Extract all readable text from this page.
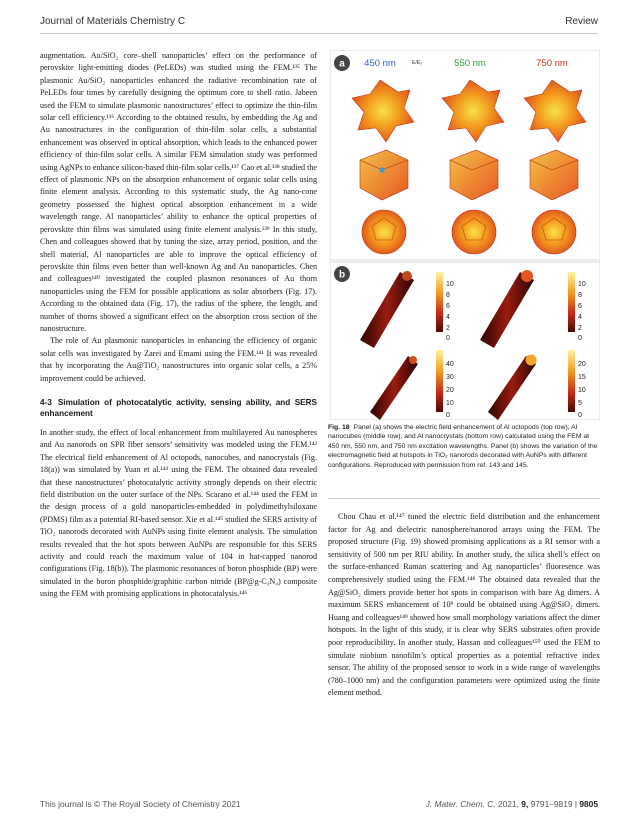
Journal of Materials Chemistry C	Review

augmentation. Au/SiO₂ core–shell nanoparticles’ effect on the performance of perovskite light-emitting diodes (PeLEDs) was studied using the FEM.¹³⁵ The plasmonic Au/SiO₂ nanoparticles enhanced the radiative recombination rate of PeLEDs four times by carefully designing the optimum core to shell ratio. Jabeen used the FEM to simulate plasmonic nanostructures’ effect to optimize the thin-film solar cell efficiency.¹³⁶ According to the obtained results, by embedding the Ag and Au nanostructures in the configuration of thin-film solar cells, a substantial enhancement was observed in optical absorption, which leads to the enhanced power efficiency of thin-film solar cells. A similar FEM simulation study was performed using AgNPs to enhance silicon-based thin-film solar cells.¹³⁷ Cao et al.¹³⁸ studied the effect of plasmonic NPs on the absorption enhancement of organic solar cells using finite element analysis. According to this systematic study, the Ag nano-cone geometry possessed the highest optical absorption enhancement in a wide wavelength range. Al nanoparticles’ ability to enhance the optical properties of perovskite thin films was simulated using finite element analysis.¹³⁹ In this study, Chen and colleagues showed that by tuning the size, array period, position, and the shell material, Al nanoparticles are able to improve the optical efficiency of perovskite thin films even better than well-known Ag and Au nanoparticles. Chen and colleagues¹⁴⁰ investigated the coupled plasmon resonances of Au thorn nanoparticles using the FEM for possible applications as solar absorbers (Fig. 17). According to the obtained data (Fig. 17), the radius of the sphere, the length, and number of thorns showed a significant effect on the absorption cross section of the nanostructure.

The role of Au plasmonic nanoparticles in enhancing the efficiency of organic solar cells was investigated by Zarei and Emami using the FEM.¹⁴¹ It was revealed that by incorporating the Au@TiO₂ nanostructures into organic solar cells, a 25% improvement could be achieved.

4-3 Simulation of photocatalytic activity, sensing ability, and SERS enhancement

In another study, the effect of local enhancement from multilayered Au nanospheres and Au nanorods on SPR fiber sensors’ sensitivity was modeled using the FEM.¹⁴² The electrical field enhancement of Al octopods, nanocubes, and nanocrystals (Fig. 18(a)) was simulated by Yuan et al.¹⁴³ using the FEM. The obtained data revealed that these nanostructures’ photocatalytic activity strongly depends on their electric field distribution on the outer surface of the NPs. Scarano et al.¹⁴⁴ used the FEM in the design process of a gold nanoparticles-embedded in polydimethylsiloxane (PDMS) film as a potential RI-based sensor. Xie et al.¹⁴⁵ studied the SERS activity of TiO₂ nanorods decorated with AuNPs using finite element analysis. The simulation results revealed that the hot spots between AuNPs are responsible for this SERS activity and could reach the maximum value of 104 in hat-capped nanorod configurations (Fig. 18(b)). The plasmonic resonances of boron phosphide (BP) were simulated in the boron phosphide/graphitic carbon nitride (BP@g-C₃N₄) composite using the FEM with promising applications in photocatalysis.¹⁴⁶

a 450 nm	E/E₀	550 nm	750 nm
b
10
8
6
4
2
0
10
8
6
4
2
0
40
30
20
10
0
20
15
10
5
0
Fig. 18 Panel (a) shows the electric field enhancement of Al octopods (top row), Al nanocubes (middle row), and Al nanocrystals (bottom row) calculated using the FEM at 450 nm, 550 nm, and 750 nm excitation wavelengths. Panel (b) shows the variation of the electromagnetic field at hotspots in TiO₂ nanorods decorated with AuNPs with different configurations. Reproduced with permission from ref. 143 and 145.

Chou Chau et al.¹⁴⁷ tuned the electric field distribution and the enhancement factor for Ag and dielectric nanosphere/nanorod arrays using the FEM. The proposed structure (Fig. 19) showed promising applications as a RI sensor with a sensitivity of 500 nm per RIU ability. In another study, the silica shell’s effect on the surface-enhanced Raman scattering and Ag nanoparticles’ fluoresence was comprehensively studied using the FEM.¹⁴⁸ The obtained data revealed that the Ag@SiO₂ dimers provide better hot spots in comparison with bare Ag dimers. A maximum SERS enhancement of 10⁹ could be obtained using Ag@SiO₂ dimers. Huang and colleagues¹⁴⁹ showed how small morphology variations affect the dimer hotspots. In the light of this study, it is clear why SERS substrates often provide poor reproducibility. In another study, Hassan and colleagues¹⁵⁰ used the FEM to simulate niobium nanofilm’s optical properties as a potential refractive index sensor. The ability of the proposed sensor to work in a wide range of wavelengths (780–1000 nm) and the configuration parameters were optimized using the finite element method.

This journal is © The Royal Society of Chemistry 2021	J. Mater. Chem. C, 2021, 9, 9791–9819 | 9805
